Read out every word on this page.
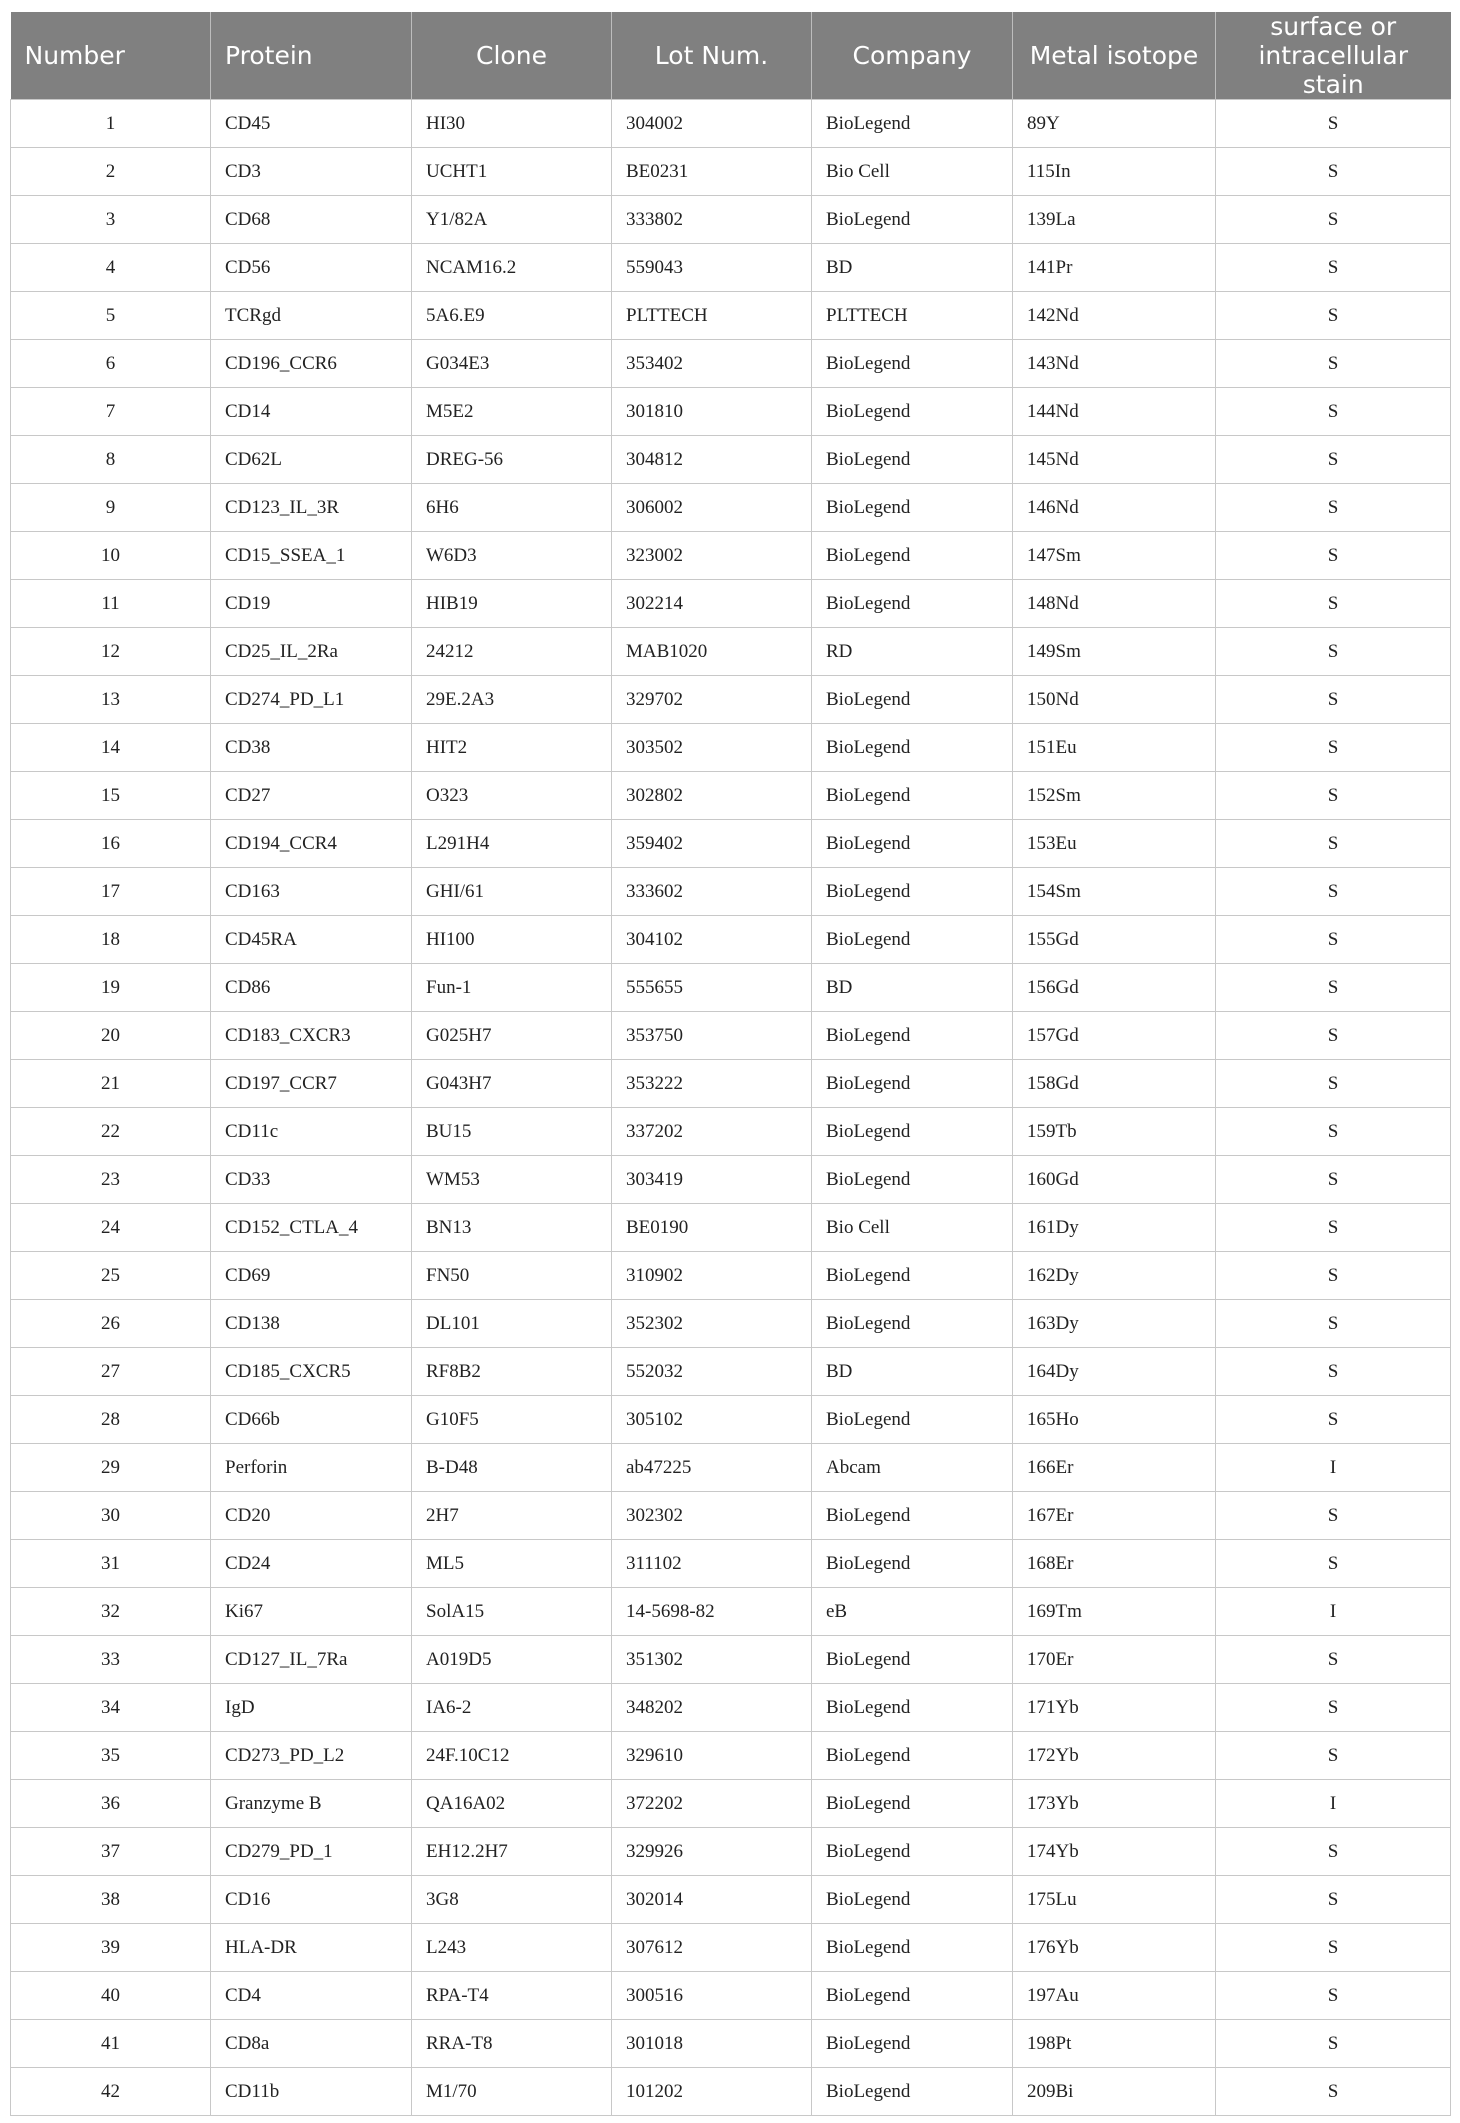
Number	Protein	Clone	Lot Num.	Company	Metal isotope	surface or intracellular stain
1	CD45	HI30	304002	BioLegend	89Y	S
2	CD3	UCHT1	BE0231	Bio Cell	115In	S
3	CD68	Y1/82A	333802	BioLegend	139La	S
4	CD56	NCAM16.2	559043	BD	141Pr	S
5	TCRgd	5A6.E9	PLTTECH	PLTTECH	142Nd	S
6	CD196_CCR6	G034E3	353402	BioLegend	143Nd	S
7	CD14	M5E2	301810	BioLegend	144Nd	S
8	CD62L	DREG-56	304812	BioLegend	145Nd	S
9	CD123_IL_3R	6H6	306002	BioLegend	146Nd	S
10	CD15_SSEA_1	W6D3	323002	BioLegend	147Sm	S
11	CD19	HIB19	302214	BioLegend	148Nd	S
12	CD25_IL_2Ra	24212	MAB1020	RD	149Sm	S
13	CD274_PD_L1	29E.2A3	329702	BioLegend	150Nd	S
14	CD38	HIT2	303502	BioLegend	151Eu	S
15	CD27	O323	302802	BioLegend	152Sm	S
16	CD194_CCR4	L291H4	359402	BioLegend	153Eu	S
17	CD163	GHI/61	333602	BioLegend	154Sm	S
18	CD45RA	HI100	304102	BioLegend	155Gd	S
19	CD86	Fun-1	555655	BD	156Gd	S
20	CD183_CXCR3	G025H7	353750	BioLegend	157Gd	S
21	CD197_CCR7	G043H7	353222	BioLegend	158Gd	S
22	CD11c	BU15	337202	BioLegend	159Tb	S
23	CD33	WM53	303419	BioLegend	160Gd	S
24	CD152_CTLA_4	BN13	BE0190	Bio Cell	161Dy	S
25	CD69	FN50	310902	BioLegend	162Dy	S
26	CD138	DL101	352302	BioLegend	163Dy	S
27	CD185_CXCR5	RF8B2	552032	BD	164Dy	S
28	CD66b	G10F5	305102	BioLegend	165Ho	S
29	Perforin	B-D48	ab47225	Abcam	166Er	I
30	CD20	2H7	302302	BioLegend	167Er	S
31	CD24	ML5	311102	BioLegend	168Er	S
32	Ki67	SolA15	14-5698-82	eB	169Tm	I
33	CD127_IL_7Ra	A019D5	351302	BioLegend	170Er	S
34	IgD	IA6-2	348202	BioLegend	171Yb	S
35	CD273_PD_L2	24F.10C12	329610	BioLegend	172Yb	S
36	Granzyme B	QA16A02	372202	BioLegend	173Yb	I
37	CD279_PD_1	EH12.2H7	329926	BioLegend	174Yb	S
38	CD16	3G8	302014	BioLegend	175Lu	S
39	HLA-DR	L243	307612	BioLegend	176Yb	S
40	CD4	RPA-T4	300516	BioLegend	197Au	S
41	CD8a	RRA-T8	301018	BioLegend	198Pt	S
42	CD11b	M1/70	101202	BioLegend	209Bi	S
